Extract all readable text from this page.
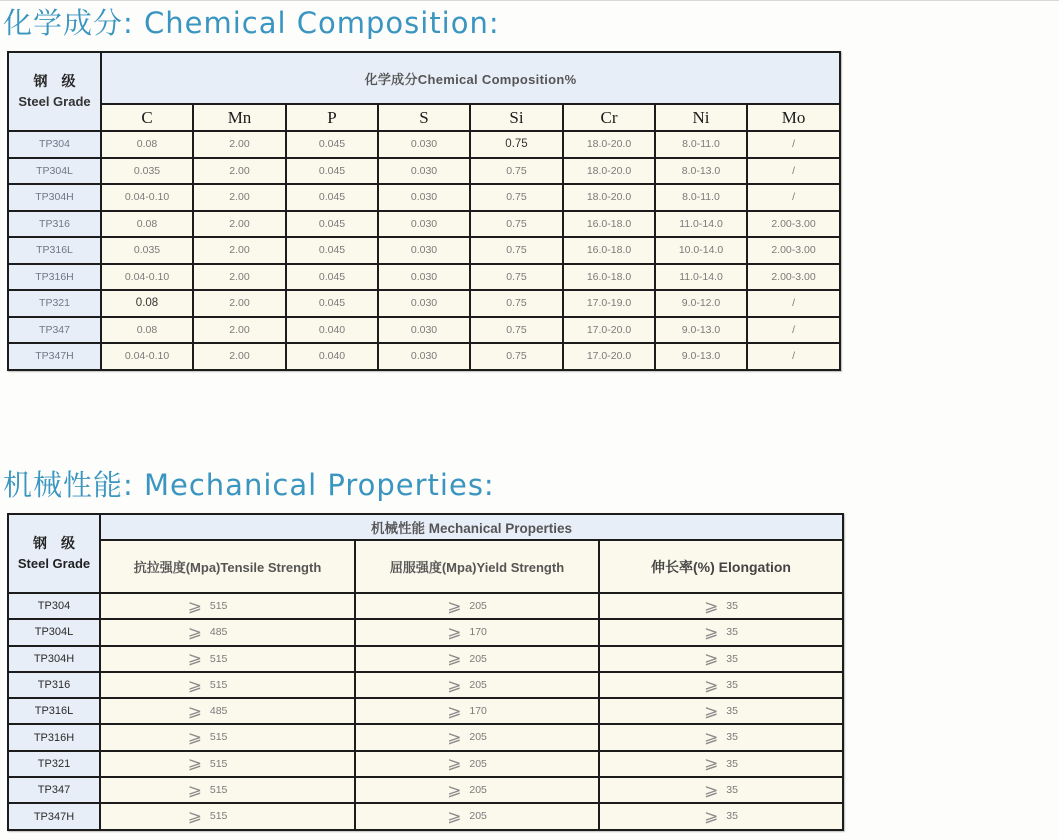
化学成分: Chemical Composition:
钢级
Steel Grade	化学成分Chemical Composition%							
	C	Mn	P	S	Si	Cr	Ni	Mo
TP304	0.08	2.00	0.045	0.030	0.75	18.0-20.0	8.0-11.0	/
TP304L	0.035	2.00	0.045	0.030	0.75	18.0-20.0	8.0-13.0	/
TP304H	0.04-0.10	2.00	0.045	0.030	0.75	18.0-20.0	8.0-11.0	/
TP316	0.08	2.00	0.045	0.030	0.75	16.0-18.0	11.0-14.0	2.00-3.00
TP316L	0.035	2.00	0.045	0.030	0.75	16.0-18.0	10.0-14.0	2.00-3.00
TP316H	0.04-0.10	2.00	0.045	0.030	0.75	16.0-18.0	11.0-14.0	2.00-3.00
TP321	0.08	2.00	0.045	0.030	0.75	17.0-19.0	9.0-12.0	/
TP347	0.08	2.00	0.040	0.030	0.75	17.0-20.0	9.0-13.0	/
TP347H	0.04-0.10	2.00	0.040	0.030	0.75	17.0-20.0	9.0-13.0	/
机械性能: Mechanical Properties:
钢级
Steel Grade	机械性能 Mechanical Properties		
	抗拉强度(Mpa)Tensile Strength	屈服强度(Mpa)Yield Strength	伸长率(%) Elongation
TP304	⩾ 515	⩾ 205	⩾ 35
TP304L	⩾ 485	⩾ 170	⩾ 35
TP304H	⩾ 515	⩾ 205	⩾ 35
TP316	⩾ 515	⩾ 205	⩾ 35
TP316L	⩾ 485	⩾ 170	⩾ 35
TP316H	⩾ 515	⩾ 205	⩾ 35
TP321	⩾ 515	⩾ 205	⩾ 35
TP347	⩾ 515	⩾ 205	⩾ 35
TP347H	⩾ 515	⩾ 205	⩾ 35
